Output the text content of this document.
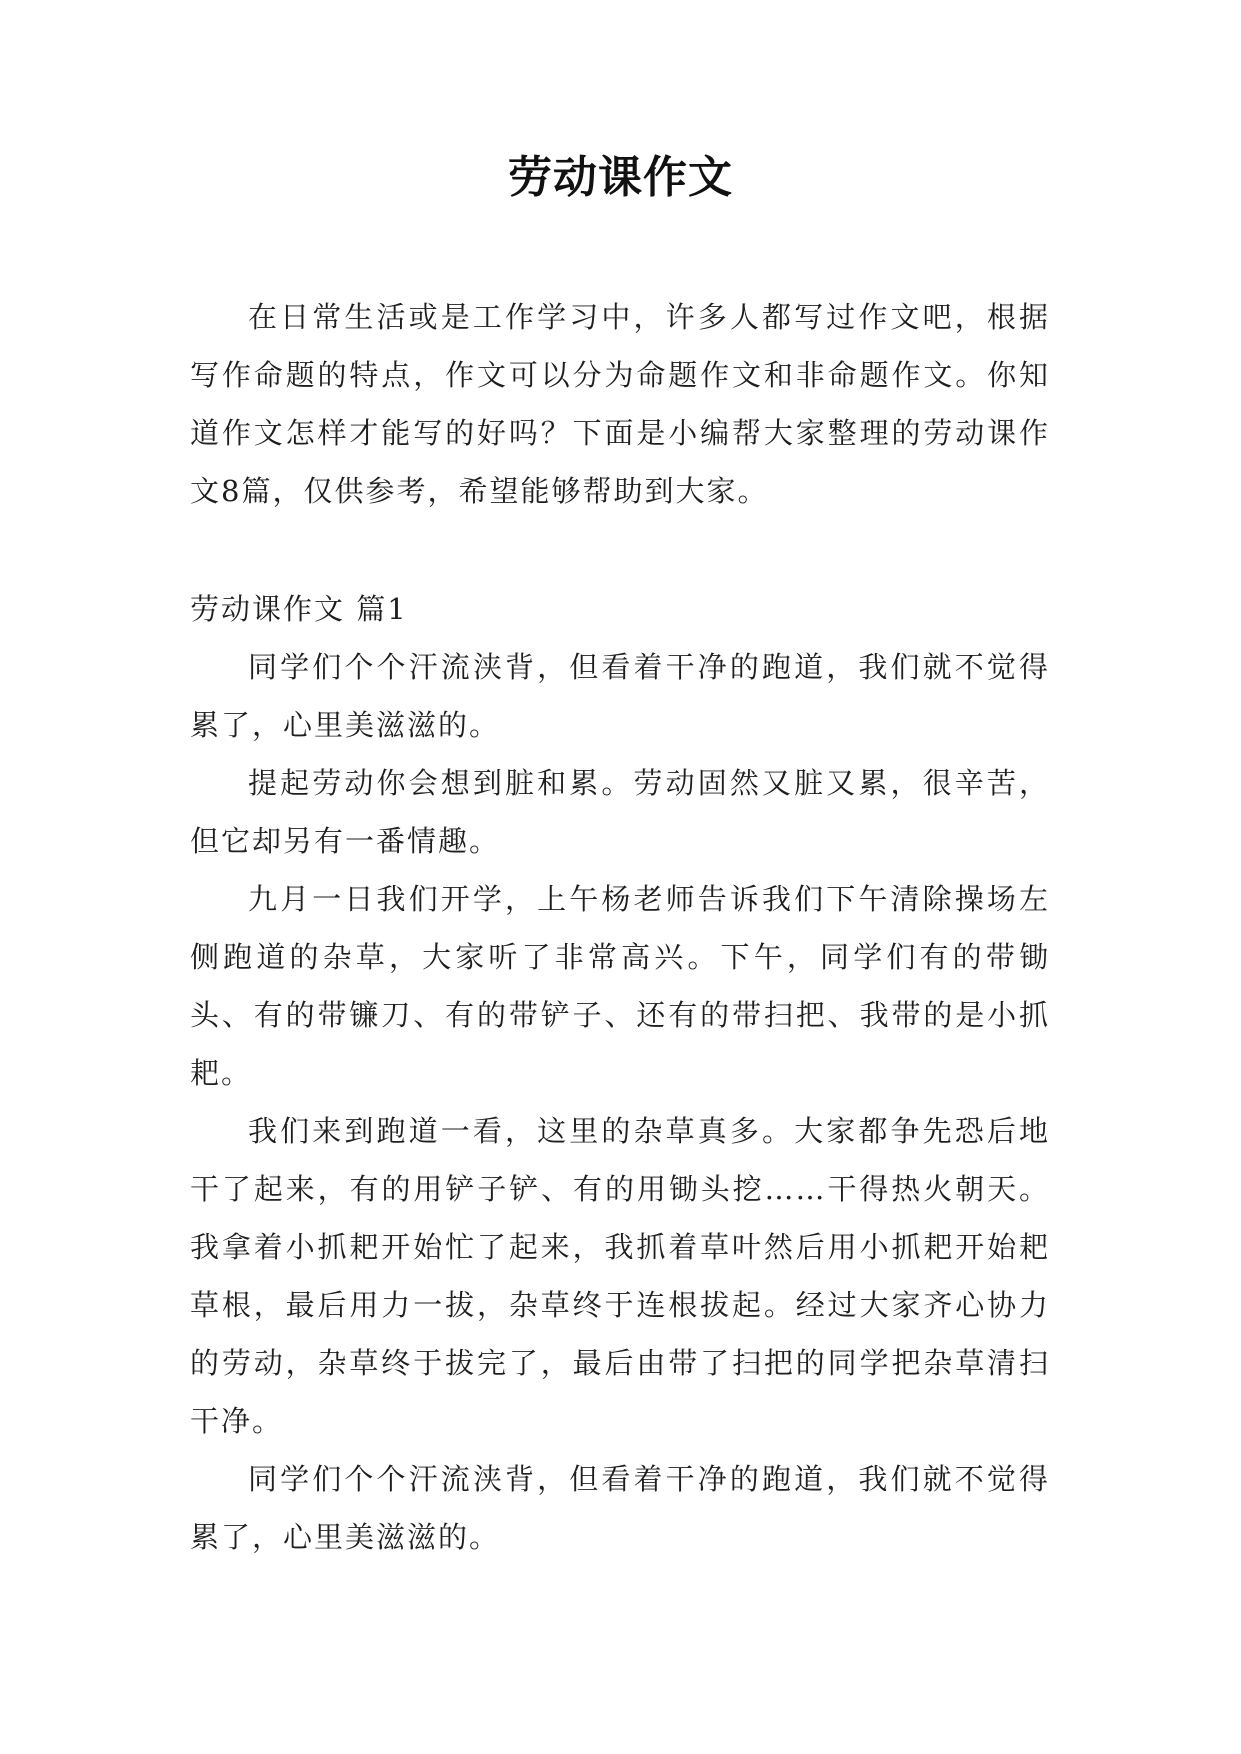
劳动课作文

在日常生活或是工作学习中，许多人都写过作文吧，根据写作命题的特点，作文可以分为命题作文和非命题作文。你知道作文怎样才能写的好吗？下面是小编帮大家整理的劳动课作文8篇，仅供参考，希望能够帮助到大家。

劳动课作文 篇1

同学们个个汗流浃背，但看着干净的跑道，我们就不觉得累了，心里美滋滋的。

提起劳动你会想到脏和累。劳动固然又脏又累，很辛苦，但它却另有一番情趣。

九月一日我们开学，上午杨老师告诉我们下午清除操场左侧跑道的杂草，大家听了非常高兴。下午，同学们有的带锄头、有的带镰刀、有的带铲子、还有的带扫把、我带的是小抓耙。

我们来到跑道一看，这里的杂草真多。大家都争先恐后地干了起来，有的用铲子铲、有的用锄头挖……干得热火朝天。我拿着小抓耙开始忙了起来，我抓着草叶然后用小抓耙开始耙草根，最后用力一拔，杂草终于连根拔起。经过大家齐心协力的劳动，杂草终于拔完了，最后由带了扫把的同学把杂草清扫干净。

同学们个个汗流浃背，但看着干净的跑道，我们就不觉得累了，心里美滋滋的。
